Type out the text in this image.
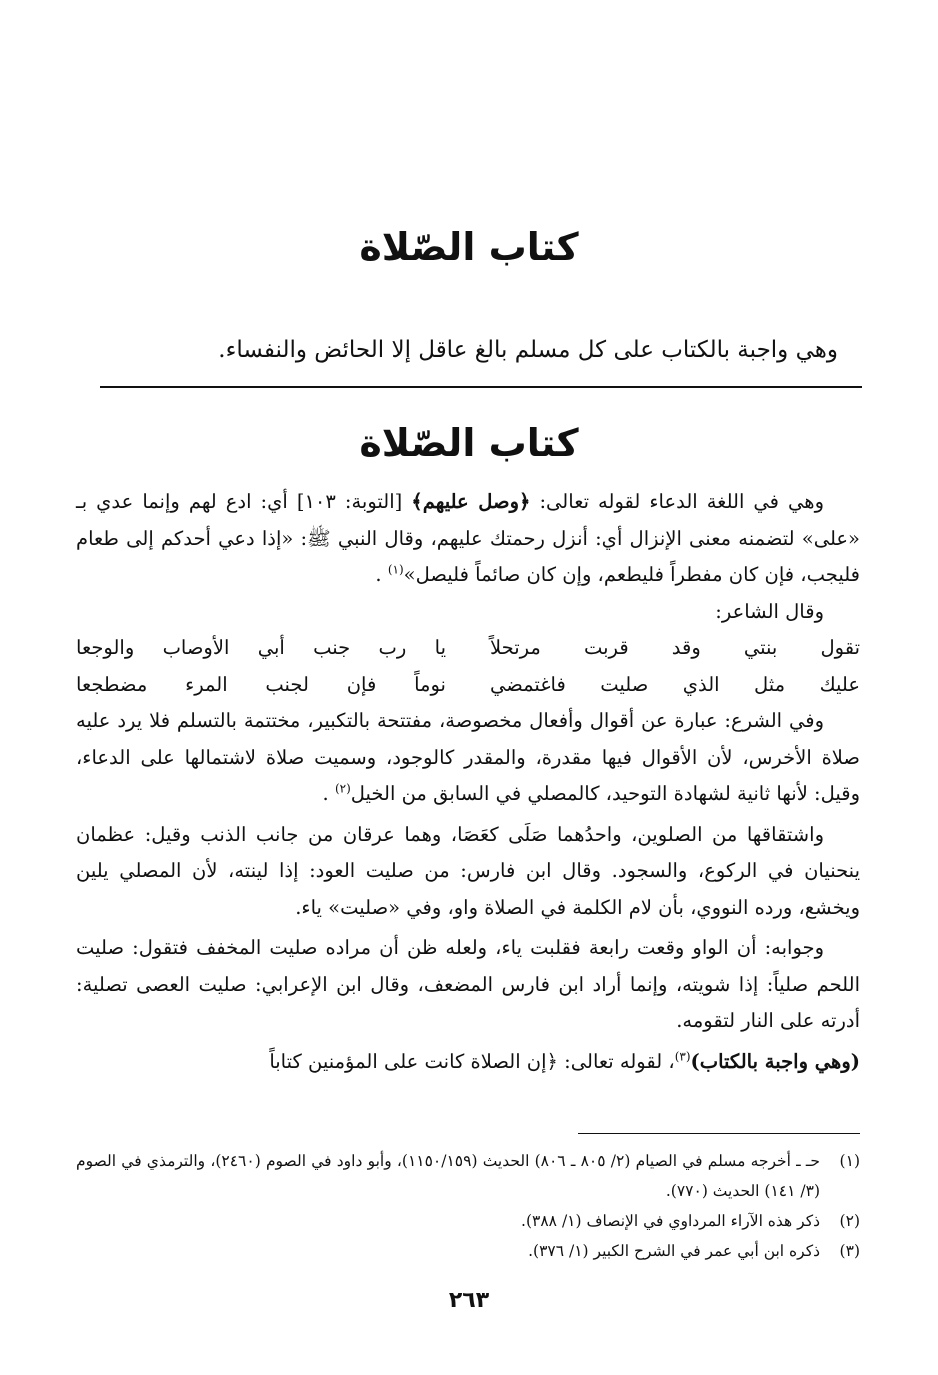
كتاب الصّلاة
وهي واجبة بالكتاب على كل مسلم بالغ عاقل إلا الحائض والنفساء.
كتاب الصّلاة

وهي في اللغة الدعاء لقوله تعالى: ﴿وصل عليهم﴾ [التوبة: ١٠٣] أي: ادع لهم وإنما عدي بـ «على» لتضمنه معنى الإنزال أي: أنزل رحمتك عليهم، وقال النبي ﷺ: «إذا دعي أحدكم إلى طعام فليجب، فإن كان مفطراً فليطعم، وإن كان صائماً فليصل»$^{(١)}$ .

وقال الشاعر:

تقول بنتي وقد قربت مرتحلاً
يا رب جنب أبي الأوصاب والوجعا
عليك مثل الذي صليت فاغتمضي
نوماً فإن لجنب المرء مضطجعا

وفي الشرع: عبارة عن أقوال وأفعال مخصوصة، مفتتحة بالتكبير، مختتمة بالتسلم فلا يرد عليه صلاة الأخرس، لأن الأقوال فيها مقدرة، والمقدر كالوجود، وسميت صلاة لاشتمالها على الدعاء، وقيل: لأنها ثانية لشهادة التوحيد، كالمصلي في السابق من الخيل$^{(٢)}$ .

واشتقاقها من الصلوين، واحدُهما صَلَى كعَصَا، وهما عرقان من جانب الذنب وقيل: عظمان ينحنيان في الركوع، والسجود. وقال ابن فارس: من صليت العود: إذا لينته، لأن المصلي يلين ويخشع، ورده النووي، بأن لام الكلمة في الصلاة واو، وفي «صليت» ياء.

وجوابه: أن الواو وقعت رابعة فقلبت ياء، ولعله ظن أن مراده صليت المخفف فتقول: صليت اللحم صلياً: إذا شويته، وإنما أراد ابن فارس المضعف، وقال ابن الإعرابي: صليت العصى تصلية: أدرته على النار لتقومه.

(وهي واجبة بالكتاب)$^{(٣)}$، لقوله تعالى: ﴿إن الصلاة كانت على المؤمنين كتاباً

(١)
حـ ـ أخرجه مسلم في الصيام (٢/ ٨٠٥ ـ ٨٠٦) الحديث (١١٥٠/١٥٩)، وأبو داود في الصوم (٢٤٦٠)، والترمذي في الصوم (٣/ ١٤١) الحديث (٧٧٠).
(٢)
ذكر هذه الآراء المرداوي في الإنصاف (١/ ٣٨٨).
(٣)
ذكره ابن أبي عمر في الشرح الكبير (١/ ٣٧٦).
٢٦٣
